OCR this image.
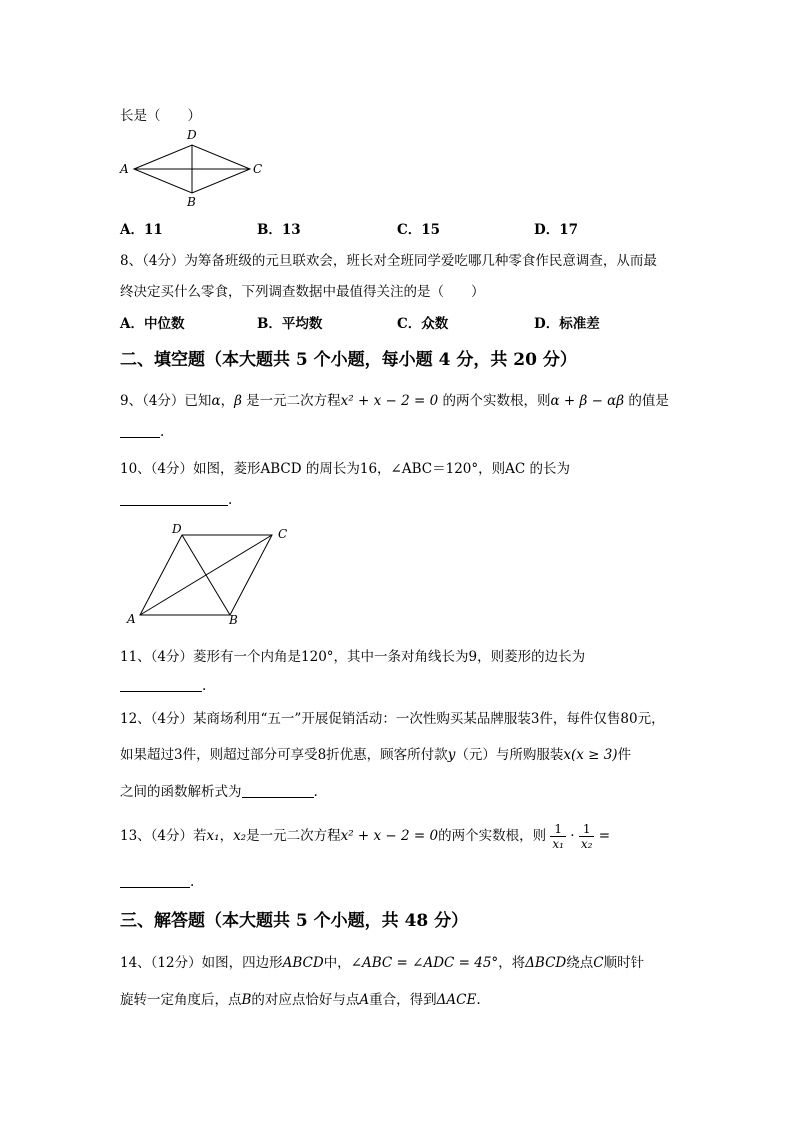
长是（　　）
D
A	C
B
A．11	B．13	C．15	D．17
8、（4分）为筹备班级的元旦联欢会，班长对全班同学爱吃哪几种零食作民意调查，从而最
终决定买什么零食，下列调查数据中最值得关注的是（　　）
A．中位数	B．平均数	C．众数	D．标准差
二、填空题（本大题共 5 个小题，每小题 4 分，共 20 分）
9、（4分）已知α，β 是一元二次方程x² + x − 2 = 0 的两个实数根，则α + β − αβ 的值是
.
10、（4分）如图，菱形ABCD 的周长为16，∠ABC＝120°，则AC 的长为
.
D	C
A	B
11、（4分）菱形有一个内角是120°，其中一条对角线长为9，则菱形的边长为
.
12、（4分）某商场利用“五一”开展促销活动：一次性购买某品牌服装3件，每件仅售80元，
如果超过3件，则超过部分可享受8折优惠，顾客所付款y（元）与所购服装x(x ≥ 3)件
之间的函数解析式为	.
13、（4分）若x₁，x₂是一元二次方程x² + x − 2 = 0的两个实数根，则 $\frac{1}{\text{x₁}} \cdot \frac{1}{\text{x₂}}$ =
.
三、解答题（本大题共 5 个小题，共 48 分）
14、（12分）如图，四边形ABCD中，∠ABC = ∠ADC = 45°，将ΔBCD绕点C顺时针
旋转一定角度后，点B的对应点恰好与点A重合，得到ΔACE.
